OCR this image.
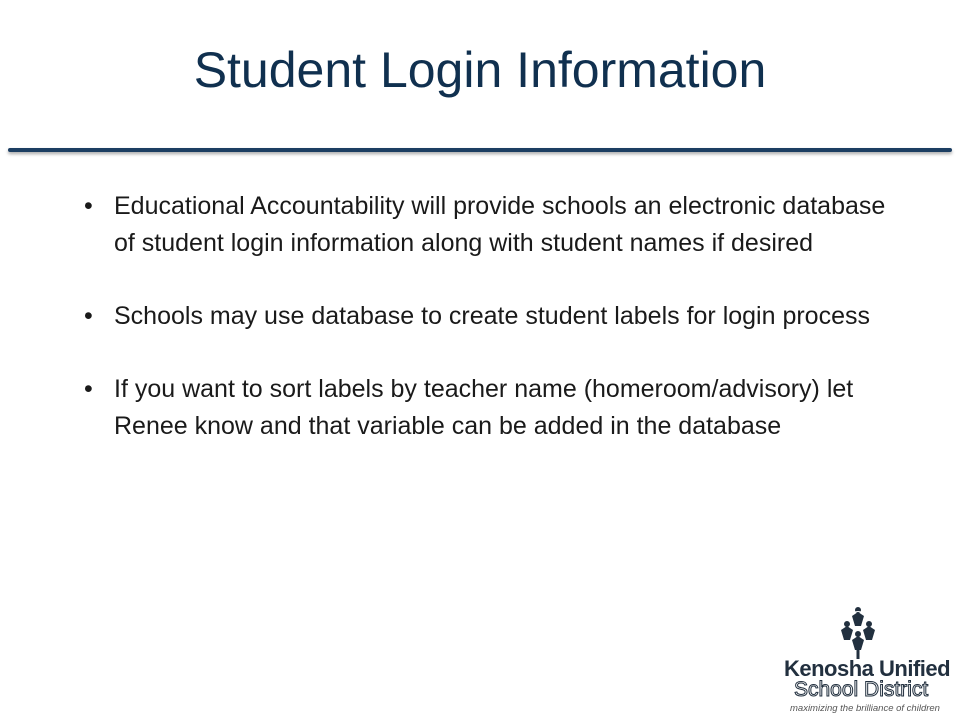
Student Login Information
• Educational Accountability will provide schools an electronic database of student login information along with student names if desired
• Schools may use database to create student labels for login process
• If you want to sort labels by teacher name (homeroom/advisory) let Renee know and that variable can be added in the database
Kenosha Unified
School District
maximizing the brilliance of children
